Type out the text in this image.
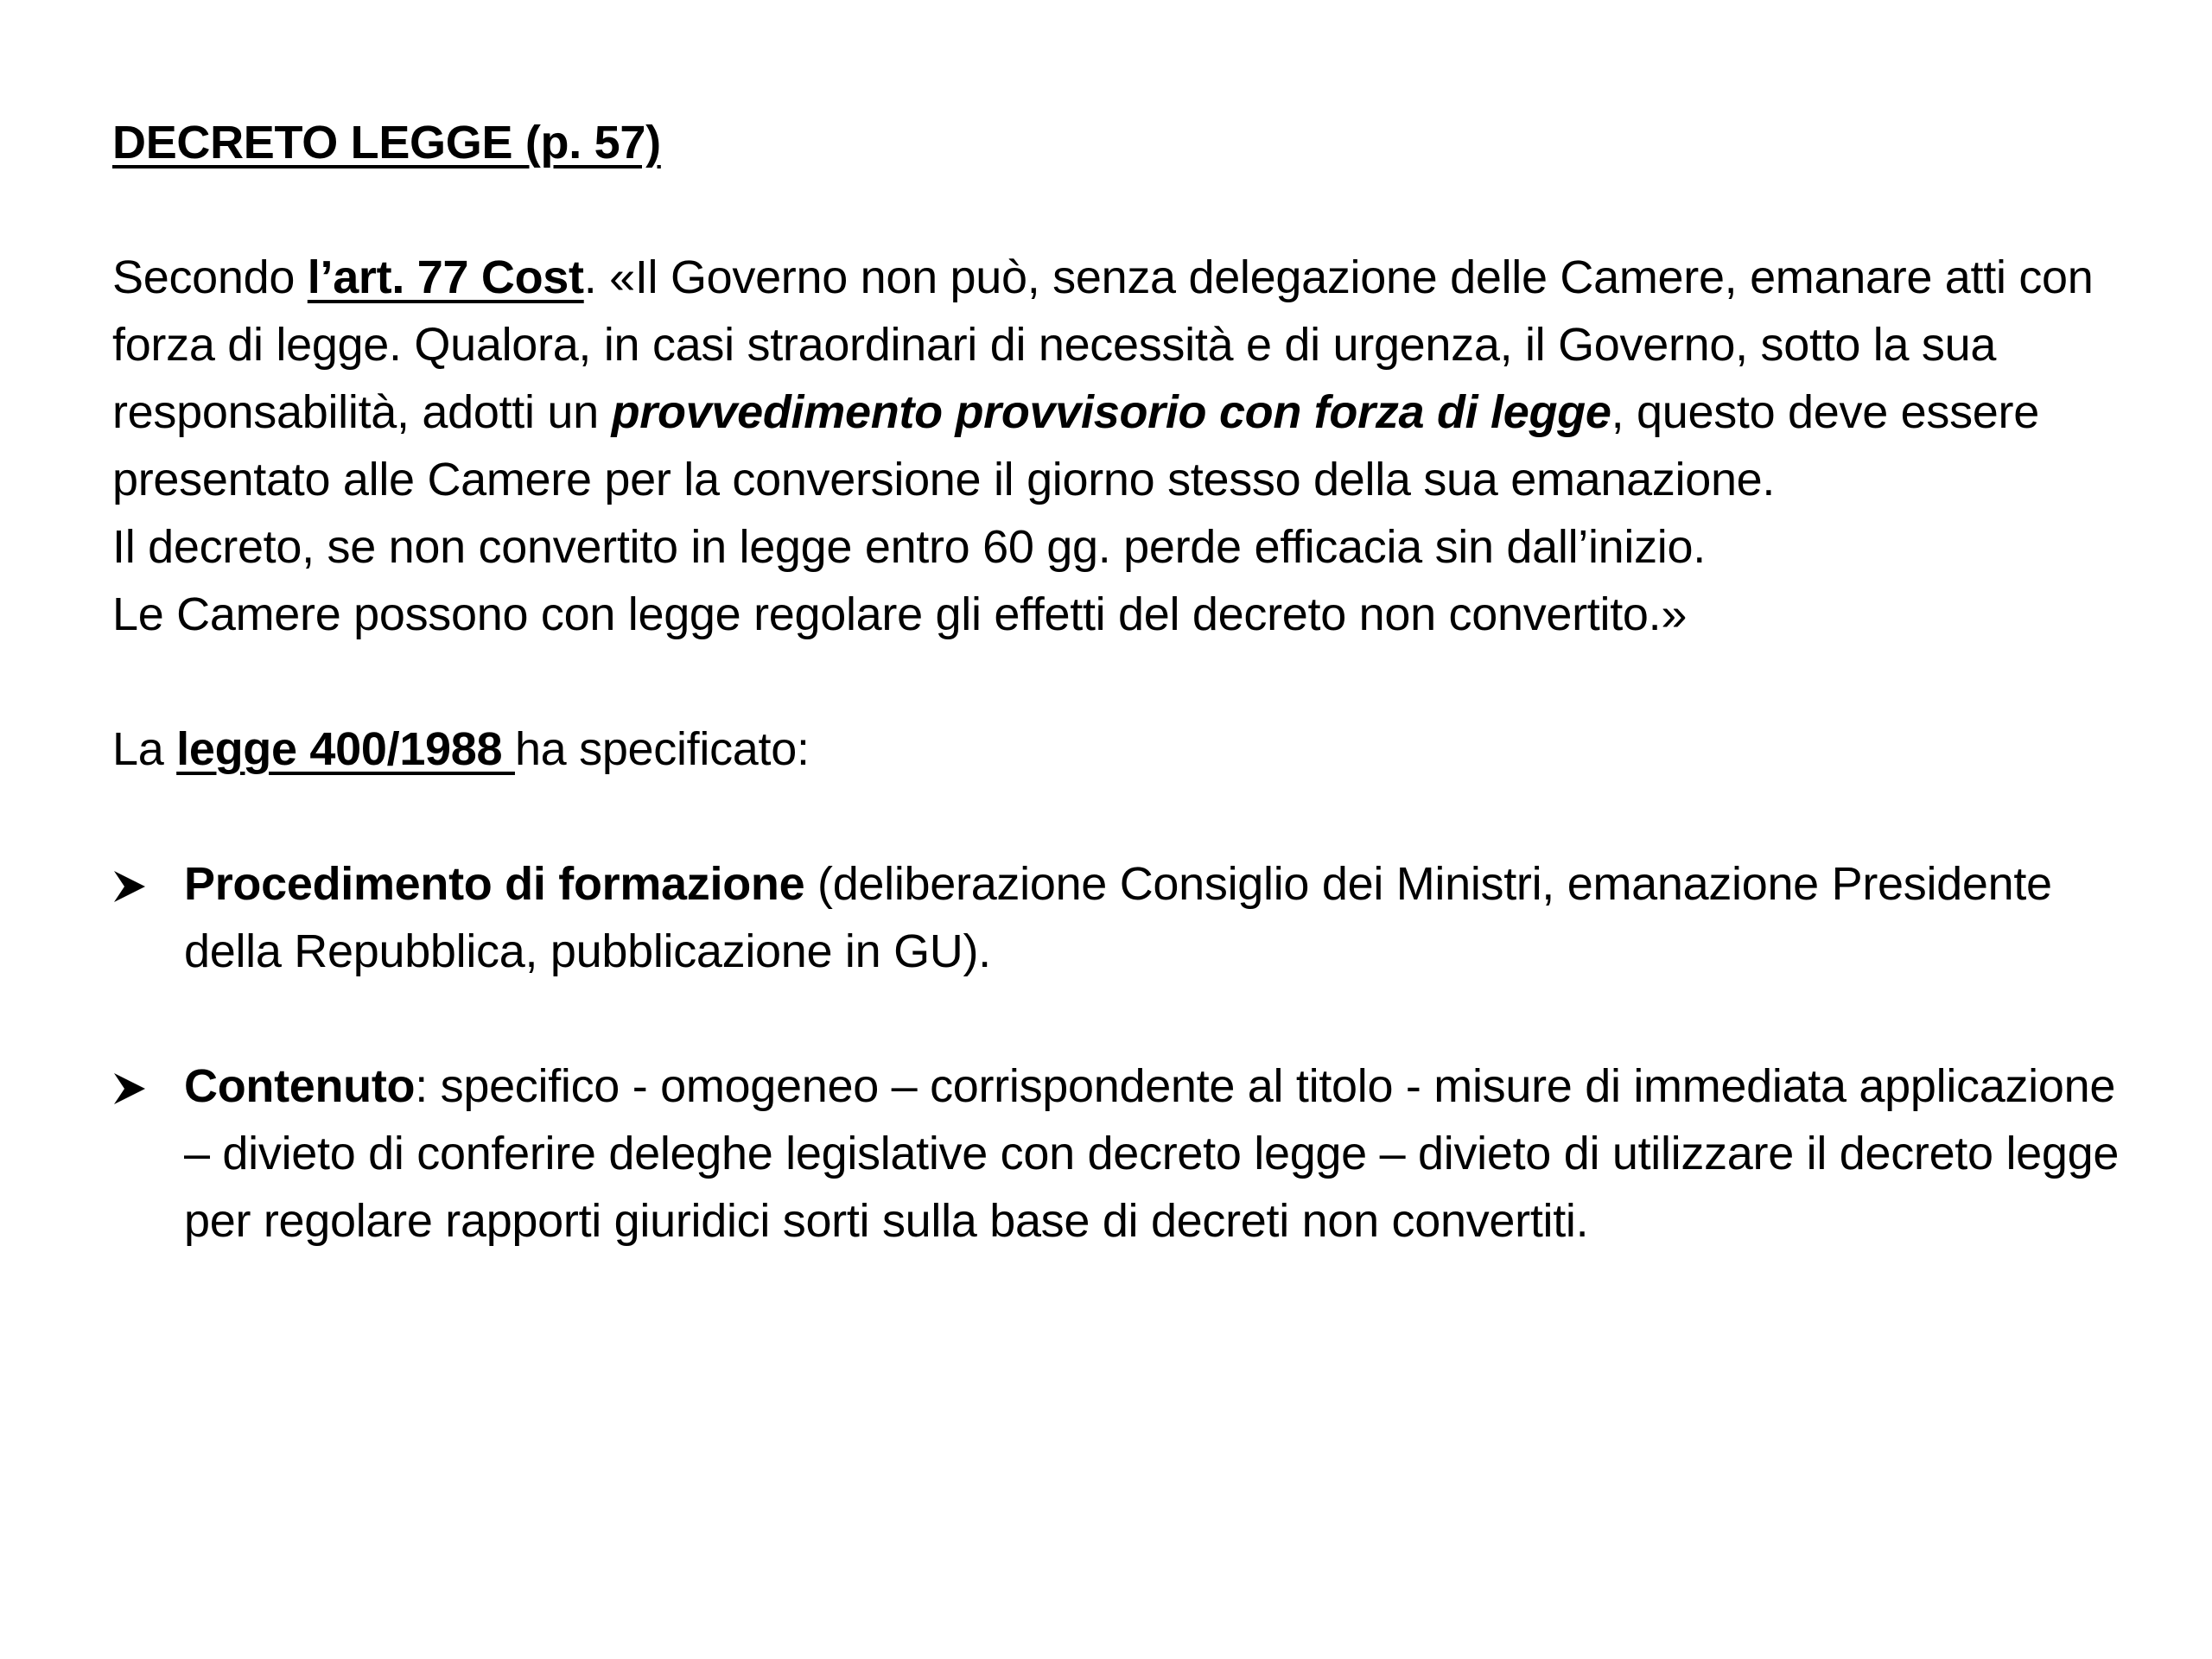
DECRETO LEGGE (p. 57)

Secondo l’art. 77 Cost. «Il Governo non può, senza delegazione delle Camere, emanare atti con forza di legge. Qualora, in casi straordinari di necessità e di urgenza, il Governo, sotto la sua responsabilità, adotti un provvedimento provvisorio con forza di legge, questo deve essere presentato alle Camere per la conversione il giorno stesso della sua emanazione.

Il decreto, se non convertito in legge entro 60 gg. perde efficacia sin dall’inizio.

Le Camere possono con legge regolare gli effetti del decreto non convertito.»

La legge 400/1988 ha specificato:

Procedimento di formazione (deliberazione Consiglio dei Ministri, emanazione Presidente della Repubblica, pubblicazione in GU).
Contenuto: specifico - omogeneo – corrispondente al titolo - misure di immediata applicazione – divieto di conferire deleghe legislative con decreto legge – divieto di utilizzare il decreto legge per regolare rapporti giuridici sorti sulla base di decreti non convertiti.
